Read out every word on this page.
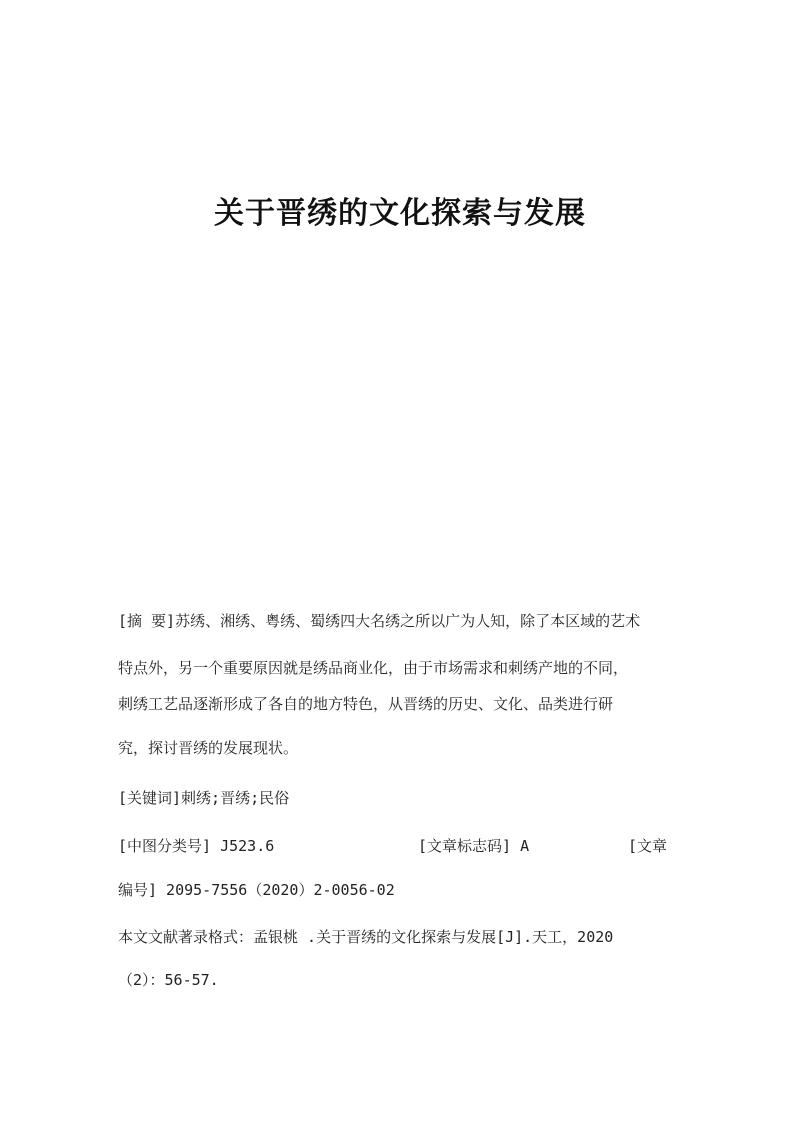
关于晋绣的文化探索与发展
[摘 要]苏绣、湘绣、粤绣、蜀绣四大名绣之所以广为人知，除了本区域的艺术
特点外，另一个重要原因就是绣品商业化，由于市场需求和刺绣产地的不同，
刺绣工艺品逐渐形成了各自的地方特色，从晋绣的历史、文化、品类进行研
究，探讨晋绣的发展现状。
[关键词]刺绣;晋绣;民俗
[中图分类号] J523.6	[文章标志码] A	[文章
编号] 2095-7556（2020）2-0056-02
本文文献著录格式：孟银桃 .关于晋绣的文化探索与发展[J].天工，2020
（2）：56-57.
